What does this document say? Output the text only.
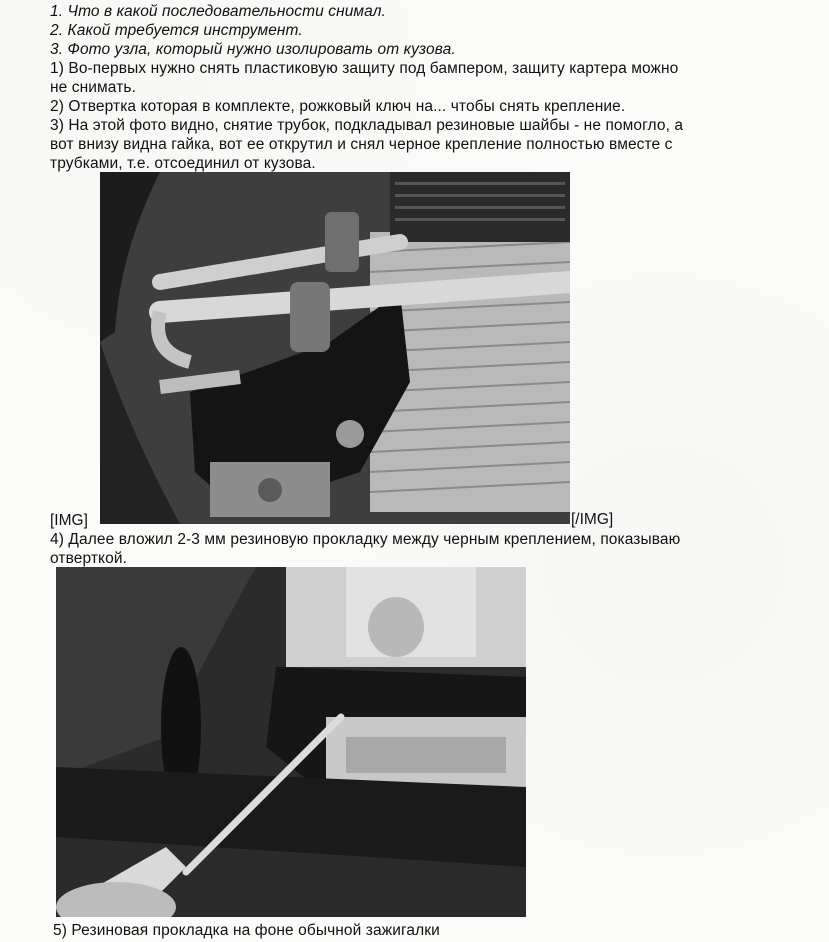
1. Что в какой последовательности снимал.
2. Какой требуется инструмент.
3. Фото узла, который нужно изолировать от кузова.
1) Во-первых нужно снять пластиковую защиту под бампером, защиту картера можно
не снимать.
2) Отвертка которая в комплекте, рожковый ключ на... чтобы снять крепление.
3) На этой фото видно, снятие трубок, подкладывал резиновые шайбы - не помогло, а
вот внизу видна гайка, вот ее открутил и снял черное крепление полностью вместе с
трубками, т.е. отсоединил от кузова.
[IMG]	[/IMG]
4) Далее вложил 2-3 мм резиновую прокладку между черным креплением, показываю
отверткой.
5) Резиновая прокладка на фоне обычной зажигалки
